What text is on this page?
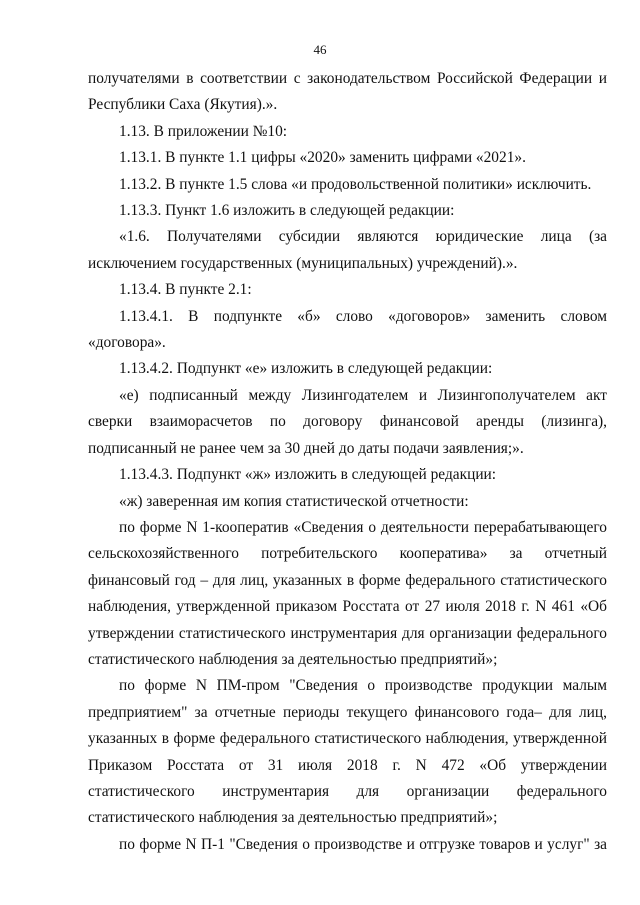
46

получателями в соответствии с законодательством Российской Федерации и Республики Саха (Якутия).».

1.13. В приложении №10:

1.13.1. В пункте 1.1 цифры «2020» заменить цифрами «2021».

1.13.2. В пункте 1.5 слова «и продовольственной политики» исключить.

1.13.3. Пункт 1.6 изложить в следующей редакции:

«1.6. Получателями субсидии являются юридические лица (за исключением государственных (муниципальных) учреждений).».

1.13.4. В пункте 2.1:

1.13.4.1. В подпункте «б» слово «договоров» заменить словом «договора».

1.13.4.2. Подпункт «е» изложить в следующей редакции:

«е) подписанный между Лизингодателем и Лизингополучателем акт сверки взаиморасчетов по договору финансовой аренды (лизинга), подписанный не ранее чем за 30 дней до даты подачи заявления;».

1.13.4.3. Подпункт «ж» изложить в следующей редакции:

«ж) заверенная им копия статистической отчетности:

по форме N 1-кооператив «Сведения о деятельности перерабатывающего сельскохозяйственного потребительского кооператива» за отчетный финансовый год – для лиц, указанных в форме федерального статистического наблюдения, утвержденной приказом Росстата от 27 июля 2018 г. N 461 «Об утверждении статистического инструментария для организации федерального статистического наблюдения за деятельностью предприятий»;

по форме N ПМ-пром "Сведения о производстве продукции малым предприятием" за отчетные периоды текущего финансового года– для лиц, указанных в форме федерального статистического наблюдения, утвержденной Приказом Росстата от 31 июля 2018 г. N 472 «Об утверждении статистического инструментария для организации федерального статистического наблюдения за деятельностью предприятий»;

по форме N П-1 "Сведения о производстве и отгрузке товаров и услуг" за
